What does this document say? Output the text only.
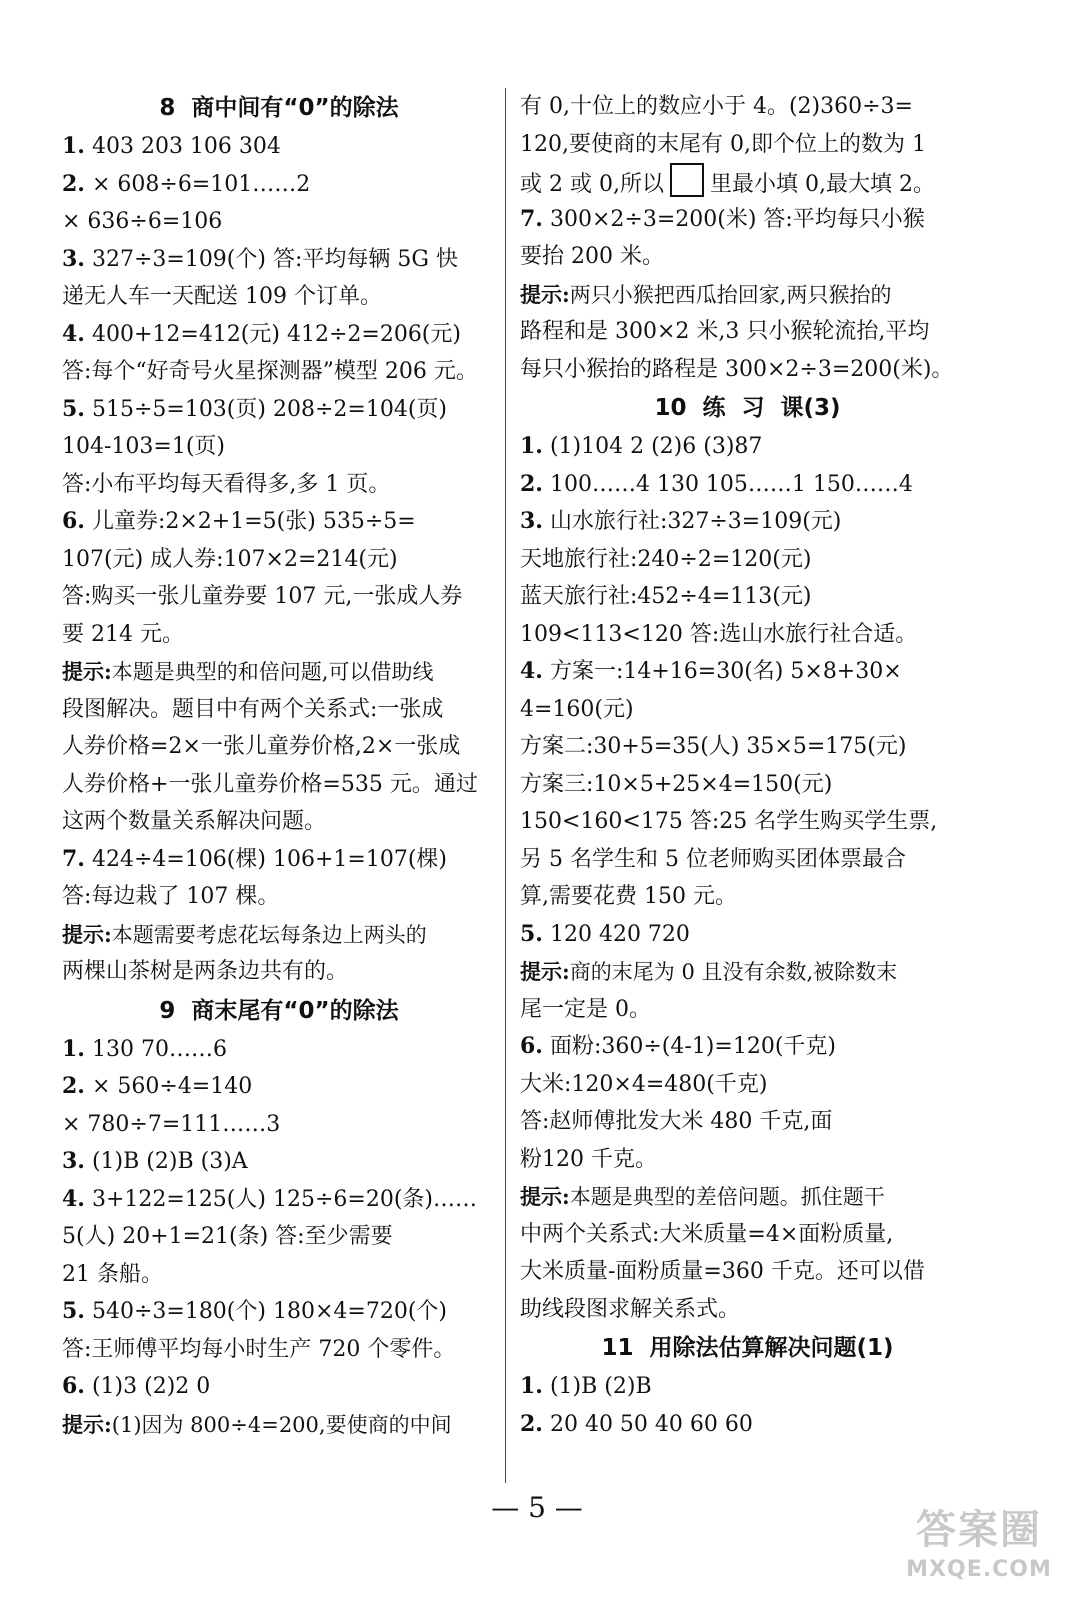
8  商中间有“0”的除法
1. 403 203 106 304
2. × 608÷6=101……2
× 636÷6=106
3. 327÷3=109(个) 答:平均每辆 5G 快
递无人车一天配送 109 个订单。
4. 400+12=412(元) 412÷2=206(元)
答:每个“好奇号火星探测器”模型 206 元。
5. 515÷5=103(页) 208÷2=104(页)
104-103=1(页)
答:小布平均每天看得多,多 1 页。
6. 儿童券:2×2+1=5(张) 535÷5=
107(元) 成人券:107×2=214(元)
答:购买一张儿童券要 107 元,一张成人券
要 214 元。
提示:本题是典型的和倍问题,可以借助线
段图解决。题目中有两个关系式:一张成
人券价格=2×一张儿童券价格,2×一张成
人券价格+一张儿童券价格=535 元。通过
这两个数量关系解决问题。
7. 424÷4=106(棵) 106+1=107(棵)
答:每边栽了 107 棵。
提示:本题需要考虑花坛每条边上两头的
两棵山茶树是两条边共有的。
9  商末尾有“0”的除法
1. 130 70……6
2. × 560÷4=140
× 780÷7=111……3
3. (1)B (2)B (3)A
4. 3+122=125(人) 125÷6=20(条)……
5(人) 20+1=21(条) 答:至少需要
21 条船。
5. 540÷3=180(个) 180×4=720(个)
答:王师傅平均每小时生产 720 个零件。
6. (1)3 (2)2 0
提示:(1)因为 800÷4=200,要使商的中间
有 0,十位上的数应小于 4。(2)360÷3=
120,要使商的末尾有 0,即个位上的数为 1
或 2 或 0,所以 里最小填 0,最大填 2。
7. 300×2÷3=200(米) 答:平均每只小猴
要抬 200 米。
提示:两只小猴把西瓜抬回家,两只猴抬的
路程和是 300×2 米,3 只小猴轮流抬,平均
每只小猴抬的路程是 300×2÷3=200(米)。
10  练  习  课(3)
1. (1)104 2 (2)6 (3)87
2. 100……4 130 105……1 150……4
3. 山水旅行社:327÷3=109(元)
天地旅行社:240÷2=120(元)
蓝天旅行社:452÷4=113(元)
109<113<120 答:选山水旅行社合适。
4. 方案一:14+16=30(名) 5×8+30×
4=160(元)
方案二:30+5=35(人) 35×5=175(元)
方案三:10×5+25×4=150(元)
150<160<175 答:25 名学生购买学生票,
另 5 名学生和 5 位老师购买团体票最合
算,需要花费 150 元。
5. 120 420 720
提示:商的末尾为 0 且没有余数,被除数末
尾一定是 0。
6. 面粉:360÷(4-1)=120(千克)
大米:120×4=480(千克)
答:赵师傅批发大米 480 千克,面
粉120 千克。
提示:本题是典型的差倍问题。抓住题干
中两个关系式:大米质量=4×面粉质量,
大米质量-面粉质量=360 千克。还可以借
助线段图求解关系式。
11  用除法估算解决问题(1)
1. (1)B (2)B
2. 20 40 50 40 60 60
— 5 —	答案圈
MXQE.COM
